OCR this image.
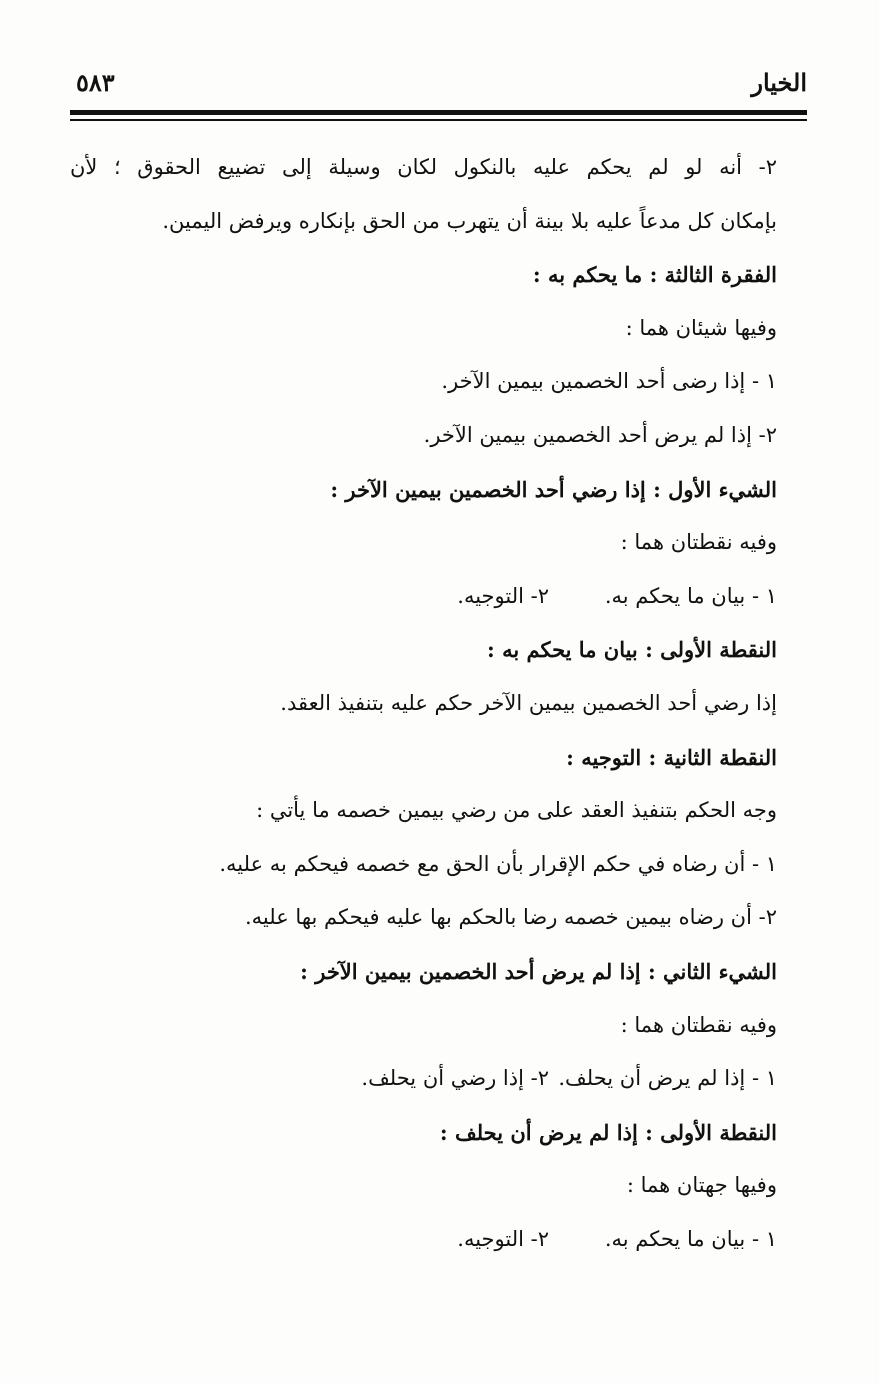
الخيار
٥٨٣
٢- أنه لو لم يحكم عليه بالنكول لكان وسيلة إلى تضييع الحقوق ؛ لأن
بإمكان كل مدعاً عليه بلا بينة أن يتهرب من الحق بإنكاره ويرفض اليمين.
الفقرة الثالثة : ما يحكم به :
وفيها شيئان هما :
١ - إذا رضى أحد الخصمين بيمين الآخر.
٢- إذا لم يرض أحد الخصمين بيمين الآخر.
الشيء الأول : إذا رضي أحد الخصمين بيمين الآخر :
وفيه نقطتان هما :
١ - بيان ما يحكم به.
٢- التوجيه.
النقطة الأولى : بيان ما يحكم به :
إذا رضي أحد الخصمين بيمين الآخر حكم عليه بتنفيذ العقد.
النقطة الثانية : التوجيه :
وجه الحكم بتنفيذ العقد على من رضي بيمين خصمه ما يأتي :
١ - أن رضاه في حكم الإقرار بأن الحق مع خصمه فيحكم به عليه.
٢- أن رضاه بيمين خصمه رضا بالحكم بها عليه فيحكم بها عليه.
الشيء الثاني : إذا لم يرض أحد الخصمين بيمين الآخر :
وفيه نقطتان هما :
١ - إذا لم يرض أن يحلف.
٢- إذا رضي أن يحلف.
النقطة الأولى : إذا لم يرض أن يحلف :
وفيها جهتان هما :
١ - بيان ما يحكم به.
٢- التوجيه.
